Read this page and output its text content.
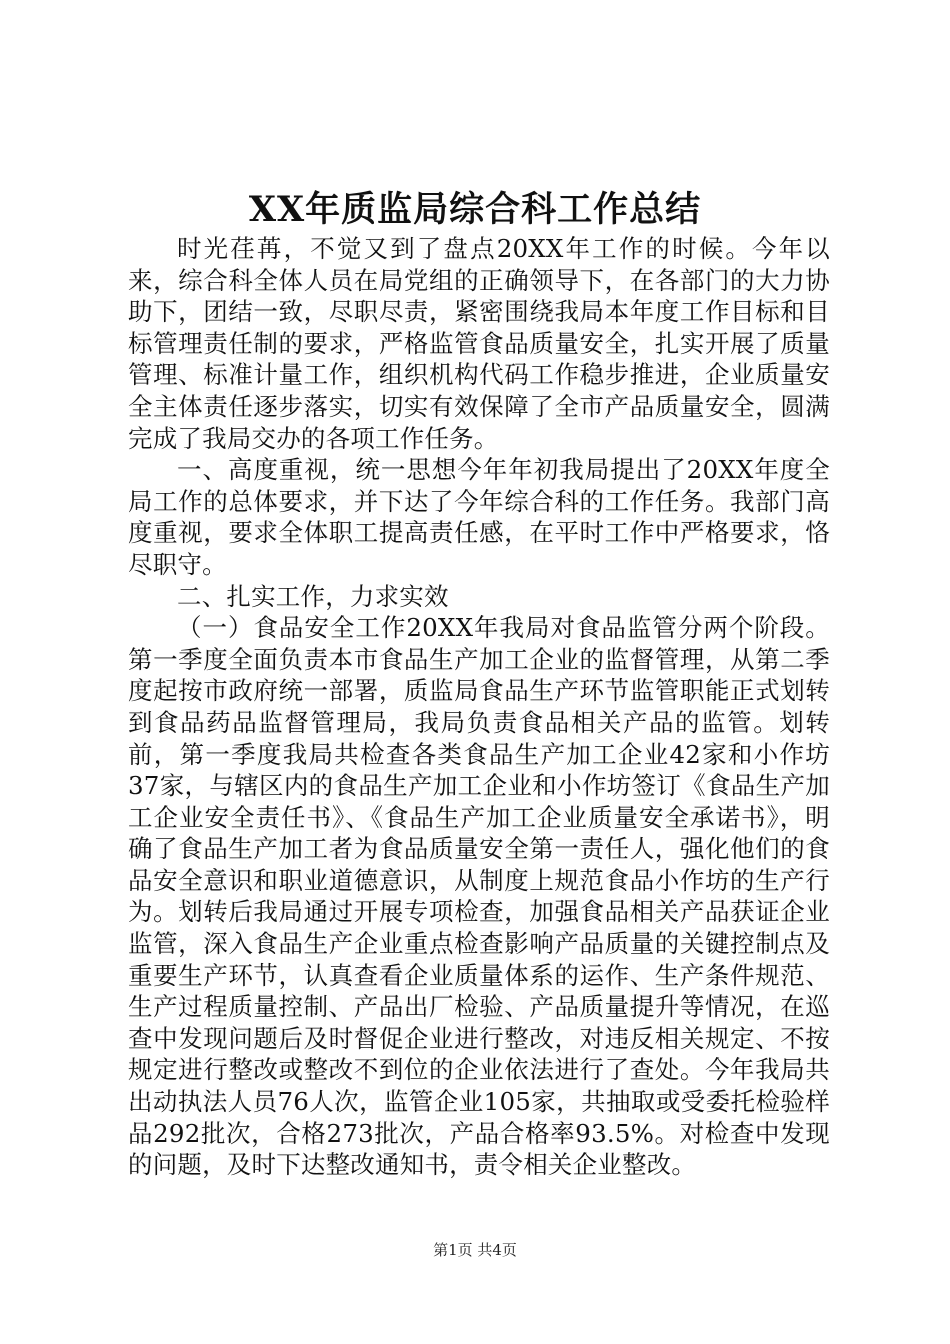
XX年质监局综合科工作总结

时光荏苒，不觉又到了盘点20XX年工作的时候。今年以来，综合科全体人员在局党组的正确领导下，在各部门的大力协助下，团结一致，尽职尽责，紧密围绕我局本年度工作目标和目标管理责任制的要求，严格监管食品质量安全，扎实开展了质量管理、标准计量工作，组织机构代码工作稳步推进，企业质量安全主体责任逐步落实，切实有效保障了全市产品质量安全，圆满完成了我局交办的各项工作任务。

一、高度重视，统一思想今年年初我局提出了20XX年度全局工作的总体要求，并下达了今年综合科的工作任务。我部门高度重视，要求全体职工提高责任感，在平时工作中严格要求，恪尽职守。

二、扎实工作，力求实效

（一）食品安全工作20XX年我局对食品监管分两个阶段。第一季度全面负责本市食品生产加工企业的监督管理，从第二季度起按市政府统一部署，质监局食品生产环节监管职能正式划转到食品药品监督管理局，我局负责食品相关产品的监管。划转前，第一季度我局共检查各类食品生产加工企业42家和小作坊37家，与辖区内的食品生产加工企业和小作坊签订《食品生产加工企业安全责任书》、《食品生产加工企业质量安全承诺书》，明确了食品生产加工者为食品质量安全第一责任人，强化他们的食品安全意识和职业道德意识，从制度上规范食品小作坊的生产行为。划转后我局通过开展专项检查，加强食品相关产品获证企业监管，深入食品生产企业重点检查影响产品质量的关键控制点及重要生产环节，认真查看企业质量体系的运作、生产条件规范、生产过程质量控制、产品出厂检验、产品质量提升等情况，在巡查中发现问题后及时督促企业进行整改，对违反相关规定、不按规定进行整改或整改不到位的企业依法进行了查处。今年我局共出动执法人员76人次，监管企业105家，共抽取或受委托检验样品292批次，合格273批次，产品合格率93.5%。对检查中发现的问题，及时下达整改通知书，责令相关企业整改。

第1页 共4页
